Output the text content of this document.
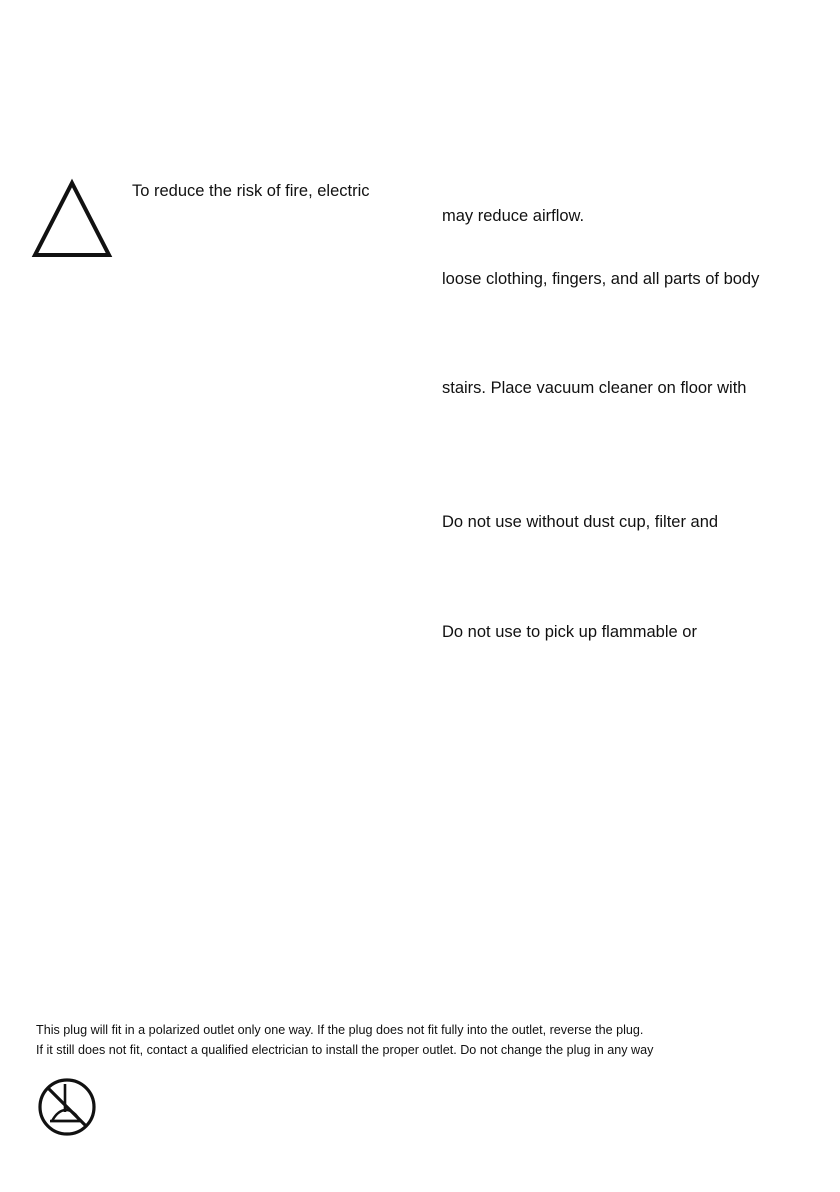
To reduce the risk of fire, electric
may reduce airflow.
loose clothing, fingers, and all parts of body
stairs. Place vacuum cleaner on floor with
Do not use without dust cup, filter and
Do not use to pick up flammable or
This plug will fit in a polarized outlet only one way. If the plug does not fit fully into the outlet, reverse the plug.
If it still does not fit, contact a qualified electrician to install the proper outlet. Do not change the plug in any way
